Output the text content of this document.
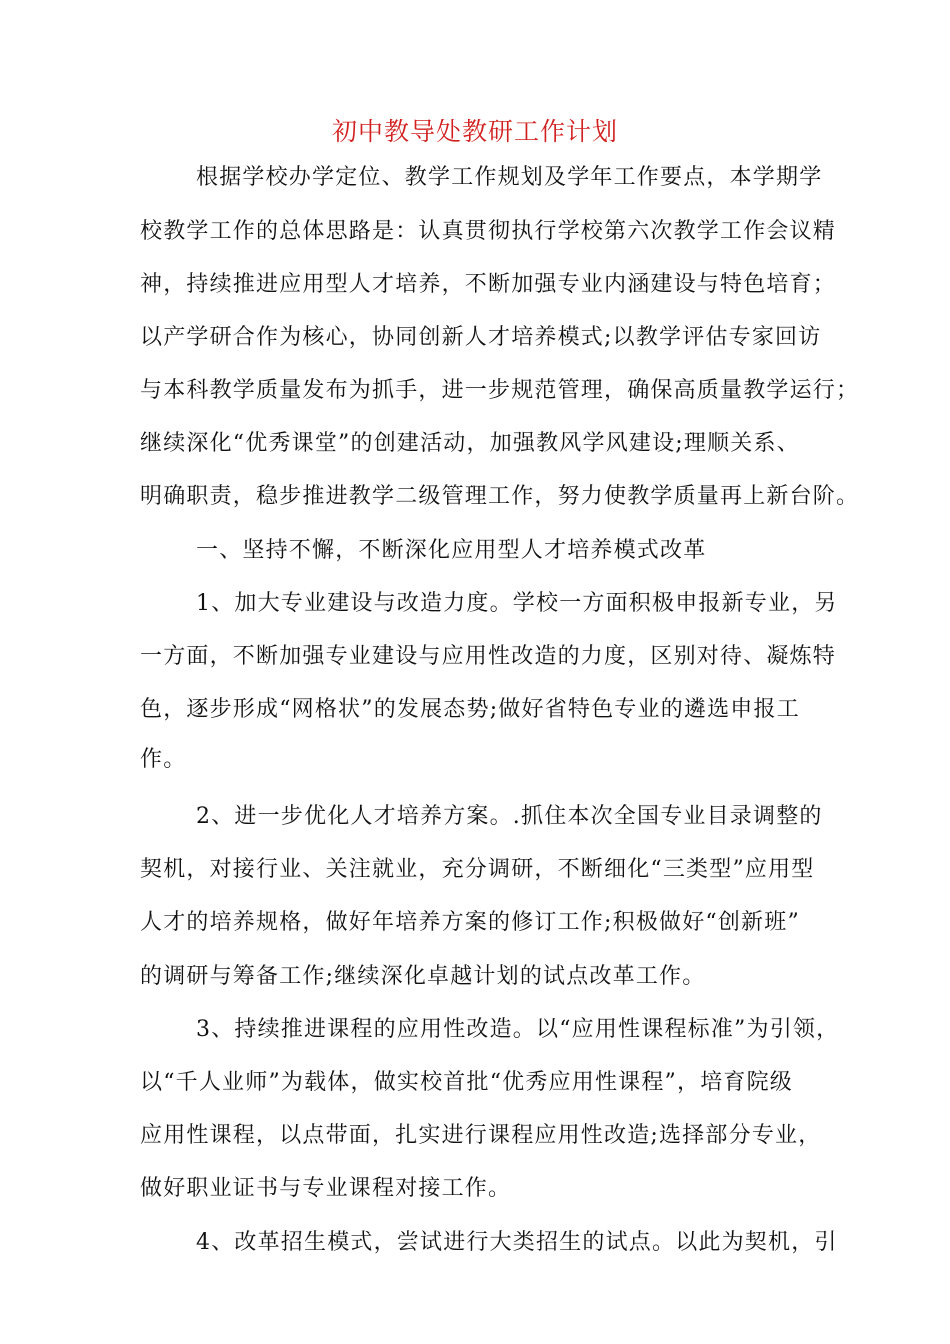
初中教导处教研工作计划
根据学校办学定位、教学工作规划及学年工作要点，本学期学
校教学工作的总体思路是：认真贯彻执行学校第六次教学工作会议精
神，持续推进应用型人才培养，不断加强专业内涵建设与特色培育；
以产学研合作为核心，协同创新人才培养模式;以教学评估专家回访
与本科教学质量发布为抓手，进一步规范管理，确保高质量教学运行；
继续深化“优秀课堂”的创建活动，加强教风学风建设;理顺关系、
明确职责，稳步推进教学二级管理工作，努力使教学质量再上新台阶。
一、坚持不懈，不断深化应用型人才培养模式改革
1、加大专业建设与改造力度。学校一方面积极申报新专业，另
一方面，不断加强专业建设与应用性改造的力度，区别对待、凝炼特
色，逐步形成“网格状”的发展态势;做好省特色专业的遴选申报工
作。
2、进一步优化人才培养方案。.抓住本次全国专业目录调整的
契机，对接行业、关注就业，充分调研，不断细化“三类型”应用型
人才的培养规格，做好年培养方案的修订工作;积极做好“创新班”
的调研与筹备工作;继续深化卓越计划的试点改革工作。
3、持续推进课程的应用性改造。以“应用性课程标准”为引领，
以“千人业师”为载体，做实校首批“优秀应用性课程”，培育院级
应用性课程，以点带面，扎实进行课程应用性改造;选择部分专业，
做好职业证书与专业课程对接工作。
4、改革招生模式，尝试进行大类招生的试点。以此为契机，引
